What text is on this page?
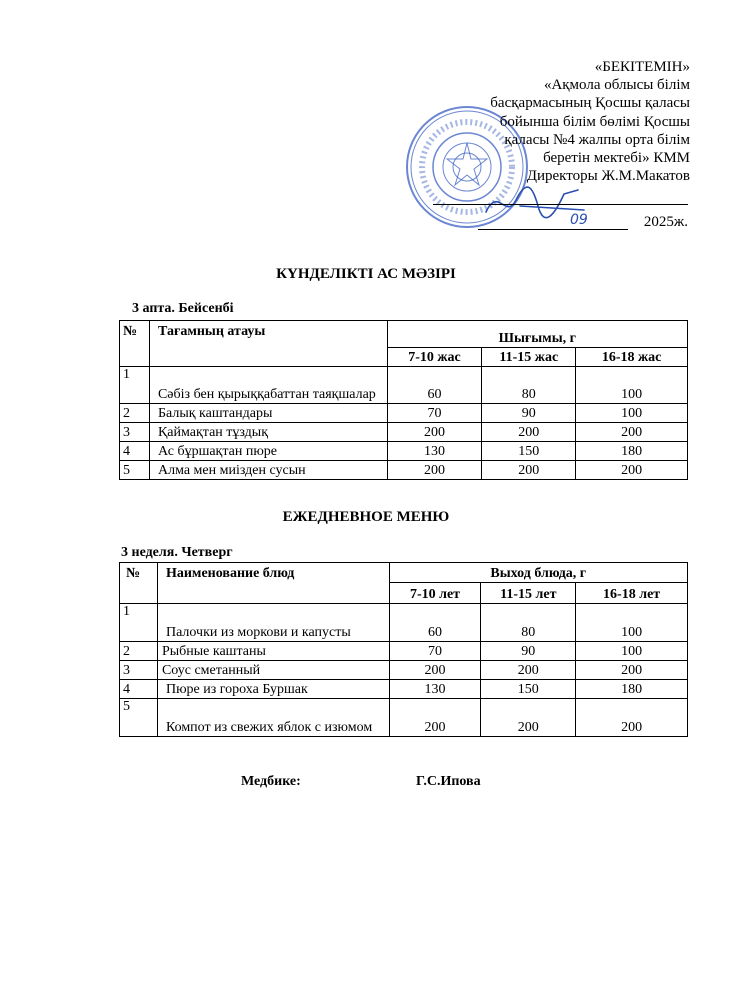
«БЕКІТЕМІН»
«Ақмола облысы білім
басқармасының Қосшы қаласы
бойынша білім бөлімі Қосшы
қаласы №4 жалпы орта білім
беретін мектебі» КММ
Директоры Ж.М.Макатов
09	2025ж.
КҮНДЕЛІКТІ АС МӘЗІРІ
3 апта. Бейсенбі
№	Тағамның атауы	Шығымы, г		
		7-10 жас	11-15 жас	16-18 жас
1	Сәбіз бен қырыққабаттан таяқшалар	60	80	100
2	Балық каштандары	70	90	100
3	Қаймақтан тұздық	200	200	200
4	Ас бұршақтан пюре	130	150	180
5	Алма мен миізден сусын	200	200	200
ЕЖЕДНЕВНОЕ МЕНЮ
3 неделя. Четверг
№	Наименование блюд	Выход блюда, г		
		7-10 лет	11-15 лет	16-18 лет
1	Палочки из моркови и капусты	60	80	100
2	Рыбные каштаны	70	90	100
3	Соус сметанный	200	200	200
4	Пюре из гороха Буршак	130	150	180
5	Компот из свежих яблок с изюмом	200	200	200
Медбике:	Г.С.Ипова
